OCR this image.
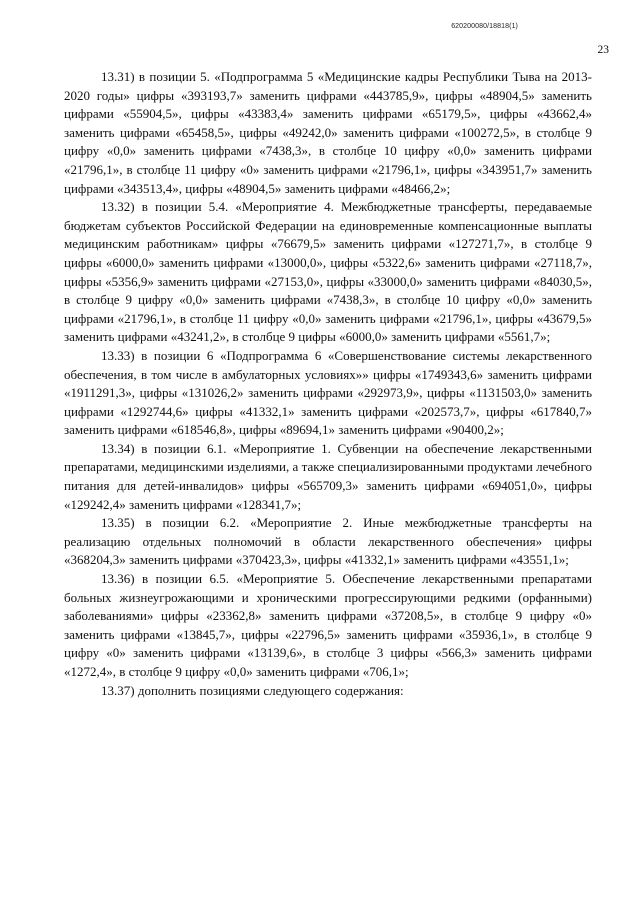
620200080/18818(1)
23

13.31) в позиции 5. «Подпрограмма 5 «Медицинские кадры Республики Тыва на 2013-2020 годы» цифры «393193,7» заменить цифрами «443785,9», цифры «48904,5» заменить цифрами «55904,5», цифры «43383,4» заменить цифрами «65179,5», цифры «43662,4» заменить цифрами «65458,5», цифры «49242,0» заменить цифрами «100272,5», в столбце 9 цифру «0,0» заменить цифрами «7438,3», в столбце 10 цифру «0,0» заменить цифрами «21796,1», в столбце 11 цифру «0» заменить цифрами «21796,1», цифры «343951,7» заменить цифрами «343513,4», цифры «48904,5» заменить цифрами «48466,2»;

13.32) в позиции 5.4. «Мероприятие 4. Межбюджетные трансферты, передаваемые бюджетам субъектов Российской Федерации на единовременные компенсационные выплаты медицинским работникам» цифры «76679,5» заменить цифрами «127271,7», в столбце 9 цифры «6000,0» заменить цифрами «13000,0», цифры «5322,6» заменить цифрами «27118,7», цифры «5356,9» заменить цифрами «27153,0», цифры «33000,0» заменить цифрами «84030,5», в столбце 9 цифру «0,0» заменить цифрами «7438,3», в столбце 10 цифру «0,0» заменить цифрами «21796,1», в столбце 11 цифру «0,0» заменить цифрами «21796,1», цифры «43679,5» заменить цифрами «43241,2», в столбце 9 цифры «6000,0» заменить цифрами «5561,7»;

13.33) в позиции 6 «Подпрограмма 6 «Совершенствование системы лекарственного обеспечения, в том числе в амбулаторных условиях»» цифры «1749343,6» заменить цифрами «1911291,3», цифры «131026,2» заменить цифрами «292973,9», цифры «1131503,0» заменить цифрами «1292744,6» цифры «41332,1» заменить цифрами «202573,7», цифры «617840,7» заменить цифрами «618546,8», цифры «89694,1» заменить цифрами «90400,2»;

13.34) в позиции 6.1. «Мероприятие 1. Субвенции на обеспечение лекарственными препаратами, медицинскими изделиями, а также специализированными продуктами лечебного питания для детей-инвалидов» цифры «565709,3» заменить цифрами «694051,0», цифры «129242,4» заменить цифрами «128341,7»;

13.35) в позиции 6.2. «Мероприятие 2. Иные межбюджетные трансферты на реализацию отдельных полномочий в области лекарственного обеспечения» цифры «368204,3» заменить цифрами «370423,3», цифры «41332,1» заменить цифрами «43551,1»;

13.36) в позиции 6.5. «Мероприятие 5. Обеспечение лекарственными препаратами больных жизнеугрожающими и хроническими прогрессирующими редкими (орфанными) заболеваниями» цифры «23362,8» заменить цифрами «37208,5», в столбце 9 цифру «0» заменить цифрами «13845,7», цифры «22796,5» заменить цифрами «35936,1», в столбце 9 цифру «0» заменить цифрами «13139,6», в столбце 3 цифры «566,3» заменить цифрами «1272,4», в столбце 9 цифру «0,0» заменить цифрами «706,1»;

13.37) дополнить позициями следующего содержания:
